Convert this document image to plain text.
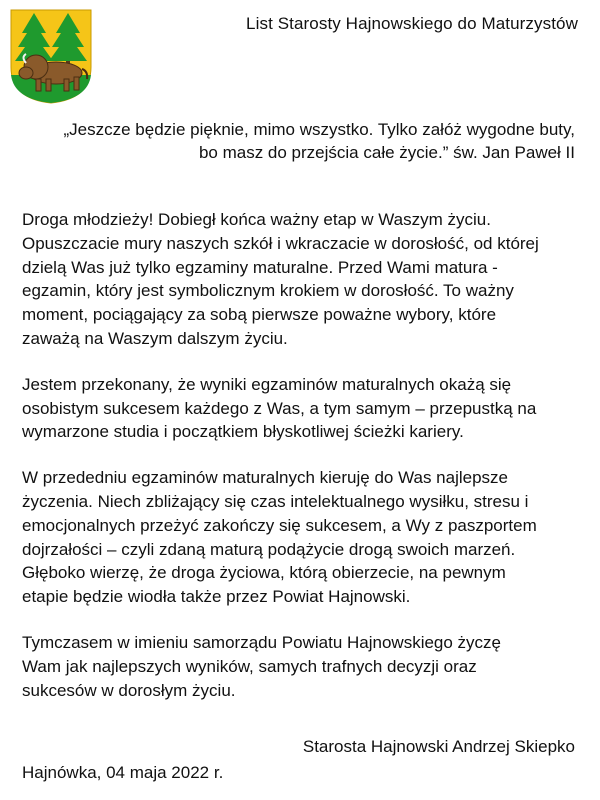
List Starosty Hajnowskiego do Maturzystów
„Jeszcze będzie pięknie, mimo wszystko. Tylko załóż wygodne buty,
bo masz do przejścia całe życie.” św. Jan Paweł II

Droga młodzieży! Dobiegł końca ważny etap w Waszym życiu.
Opuszczacie mury naszych szkół i wkraczacie w dorosłość, od której
dzielą Was już tylko egzaminy maturalne. Przed Wami matura -
egzamin, który jest symbolicznym krokiem w dorosłość. To ważny
moment, pociągający za sobą pierwsze poważne wybory, które
zaważą na Waszym dalszym życiu.

Jestem przekonany, że wyniki egzaminów maturalnych okażą się
osobistym sukcesem każdego z Was, a tym samym – przepustką na
wymarzone studia i początkiem błyskotliwej ścieżki kariery.

W przededniu egzaminów maturalnych kieruję do Was najlepsze
życzenia. Niech zbliżający się czas intelektualnego wysiłku, stresu i
emocjonalnych przeżyć zakończy się sukcesem, a Wy z paszportem
dojrzałości – czyli zdaną maturą podążycie drogą swoich marzeń.
Głęboko wierzę, że droga życiowa, którą obierzecie, na pewnym
etapie będzie wiodła także przez Powiat Hajnowski.

Tymczasem w imieniu samorządu Powiatu Hajnowskiego życzę
Wam jak najlepszych wyników, samych trafnych decyzji oraz
sukcesów w dorosłym życiu.

Starosta Hajnowski Andrzej Skiepko
Hajnówka, 04 maja 2022 r.
